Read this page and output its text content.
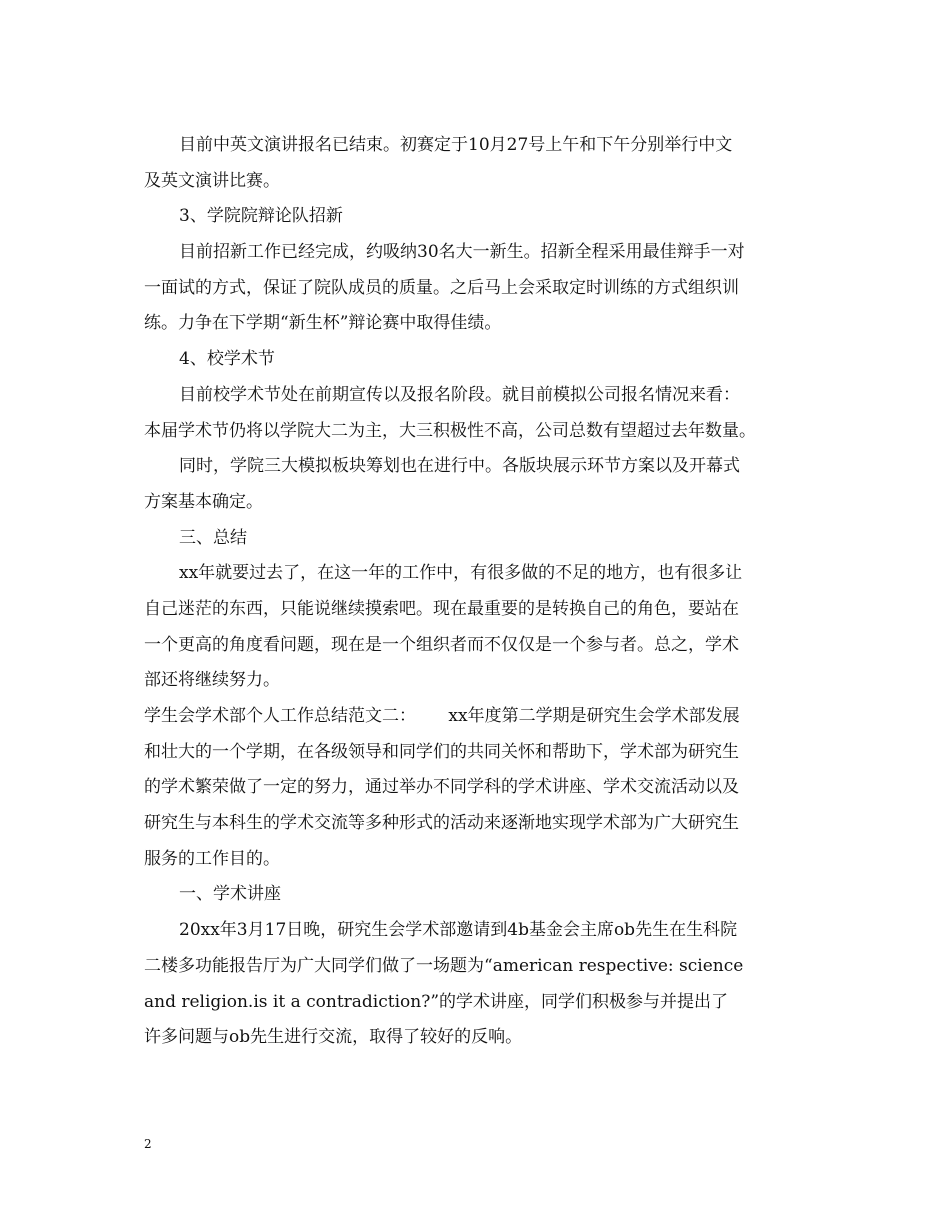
目前中英文演讲报名已结束。初赛定于10月27号上午和下午分别举行中文
及英文演讲比赛。
3、学院院辩论队招新
目前招新工作已经完成，约吸纳30名大一新生。招新全程采用最佳辩手一对
一面试的方式，保证了院队成员的质量。之后马上会采取定时训练的方式组织训
练。力争在下学期“新生杯”辩论赛中取得佳绩。
4、校学术节
目前校学术节处在前期宣传以及报名阶段。就目前模拟公司报名情况来看：
本届学术节仍将以学院大二为主，大三积极性不高，公司总数有望超过去年数量。
同时，学院三大模拟板块筹划也在进行中。各版块展示环节方案以及开幕式
方案基本确定。
三、总结
xx年就要过去了，在这一年的工作中，有很多做的不足的地方，也有很多让
自己迷茫的东西，只能说继续摸索吧。现在最重要的是转换自己的角色，要站在
一个更高的角度看问题，现在是一个组织者而不仅仅是一个参与者。总之，学术
部还将继续努力。
学生会学术部个人工作总结范文二：      xx年度第二学期是研究生会学术部发展
和壮大的一个学期，在各级领导和同学们的共同关怀和帮助下，学术部为研究生
的学术繁荣做了一定的努力，通过举办不同学科的学术讲座、学术交流活动以及
研究生与本科生的学术交流等多种形式的活动来逐渐地实现学术部为广大研究生
服务的工作目的。
一、学术讲座
20xx年3月17日晚，研究生会学术部邀请到4b基金会主席ob先生在生科院
二楼多功能报告厅为广大同学们做了一场题为“american respective: science
and religion.is it a contradiction?”的学术讲座，同学们积极参与并提出了
许多问题与ob先生进行交流，取得了较好的反响。
2
